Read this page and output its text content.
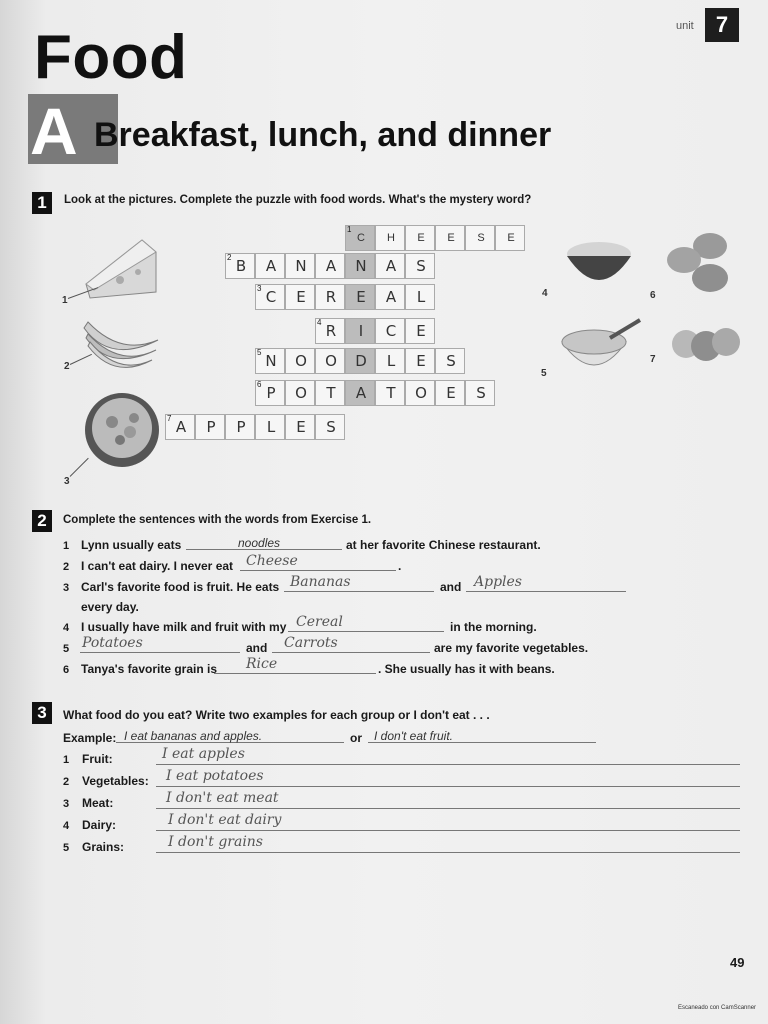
unit	7
Food
A Breakfast, lunch, and dinner
1	Look at the pictures. Complete the puzzle with food words. What's the mystery word?
1
2
3
4	6
5
7
1
C	H	E	E	S	E
2 B	A	N	A	N	A	S
3 C	E	R	E	A	L
4 R	I	C	E
5 N	O	O	D	L	E	S
6 P	O	T	A	T	O	E	S
7 A	P	P	L	E	S
2	Complete the sentences with the words from Exercise 1.
1 Lynn usually eats	noodles	at her favorite Chinese restaurant.
2 I can't eat dairy. I never eat Cheese	.
3 Carl's favorite food is fruit. He eats Bananas	and Apples
every day.
4 I usually have milk and fruit with my Cereal	in the morning.
5 Potatoes	and Carrots	are my favorite vegetables.
6 Tanya's favorite grain is Rice	. She usually has it with beans.
3	What food do you eat? Write two examples for each group or I don't eat . . .
Example: I eat bananas and apples.	or I don't eat fruit.
1 Fruit:	I eat apples
2 Vegetables: I eat potatoes
3 Meat:	I don't eat meat
4 Dairy:	I don't eat dairy
5 Grains:	I don't grains
49
Escaneado con CamScanner
